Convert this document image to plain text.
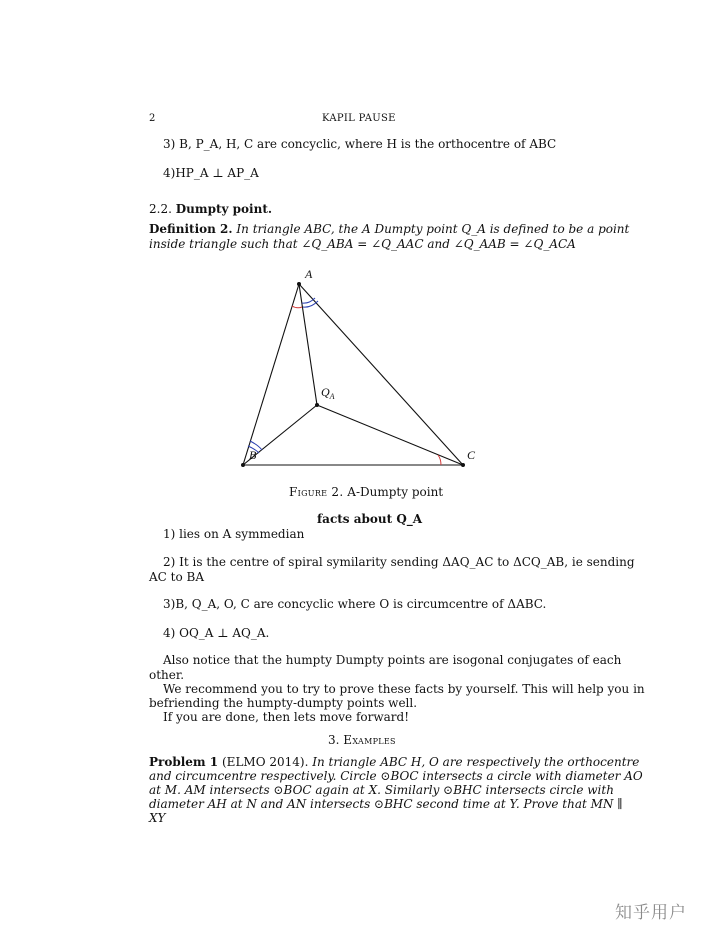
2	KAPIL PAUSE
3) B, P_A, H, C are concyclic, where H is the orthocentre of ABC
4)HP_A ⊥ AP_A
2.2. Dumpty point.
Definition 2. In triangle ABC, the A Dumpty point Q_A is defined to be a point
inside triangle such that ∠Q_ABA = ∠Q_AAC and ∠Q_AAB = ∠Q_ACA
A
B	C
$Q_A$
Figure 2. A-Dumpty point
facts about Q_A
1) lies on A symmedian
2) It is the centre of spiral symilarity sending ΔAQ_AC to ΔCQ_AB, ie sending
AC to BA
3)B, Q_A, O, C are concyclic where O is circumcentre of ΔABC.
4) OQ_A ⊥ AQ_A.
Also notice that the humpty Dumpty points are isogonal conjugates of each
other.
We recommend you to try to prove these facts by yourself. This will help you in
befriending the humpty-dumpty points well.
If you are done, then lets move forward!
3. Examples
Problem 1 (ELMO 2014). In triangle ABC H, O are respectively the orthocentre
and circumcentre respectively. Circle ⊙BOC intersects a circle with diameter AO
at M. AM intersects ⊙BOC again at X. Similarly ⊙BHC intersects circle with
diameter AH at N and AN intersects ⊙BHC second time at Y. Prove that MN ∥
XY
知乎用户
